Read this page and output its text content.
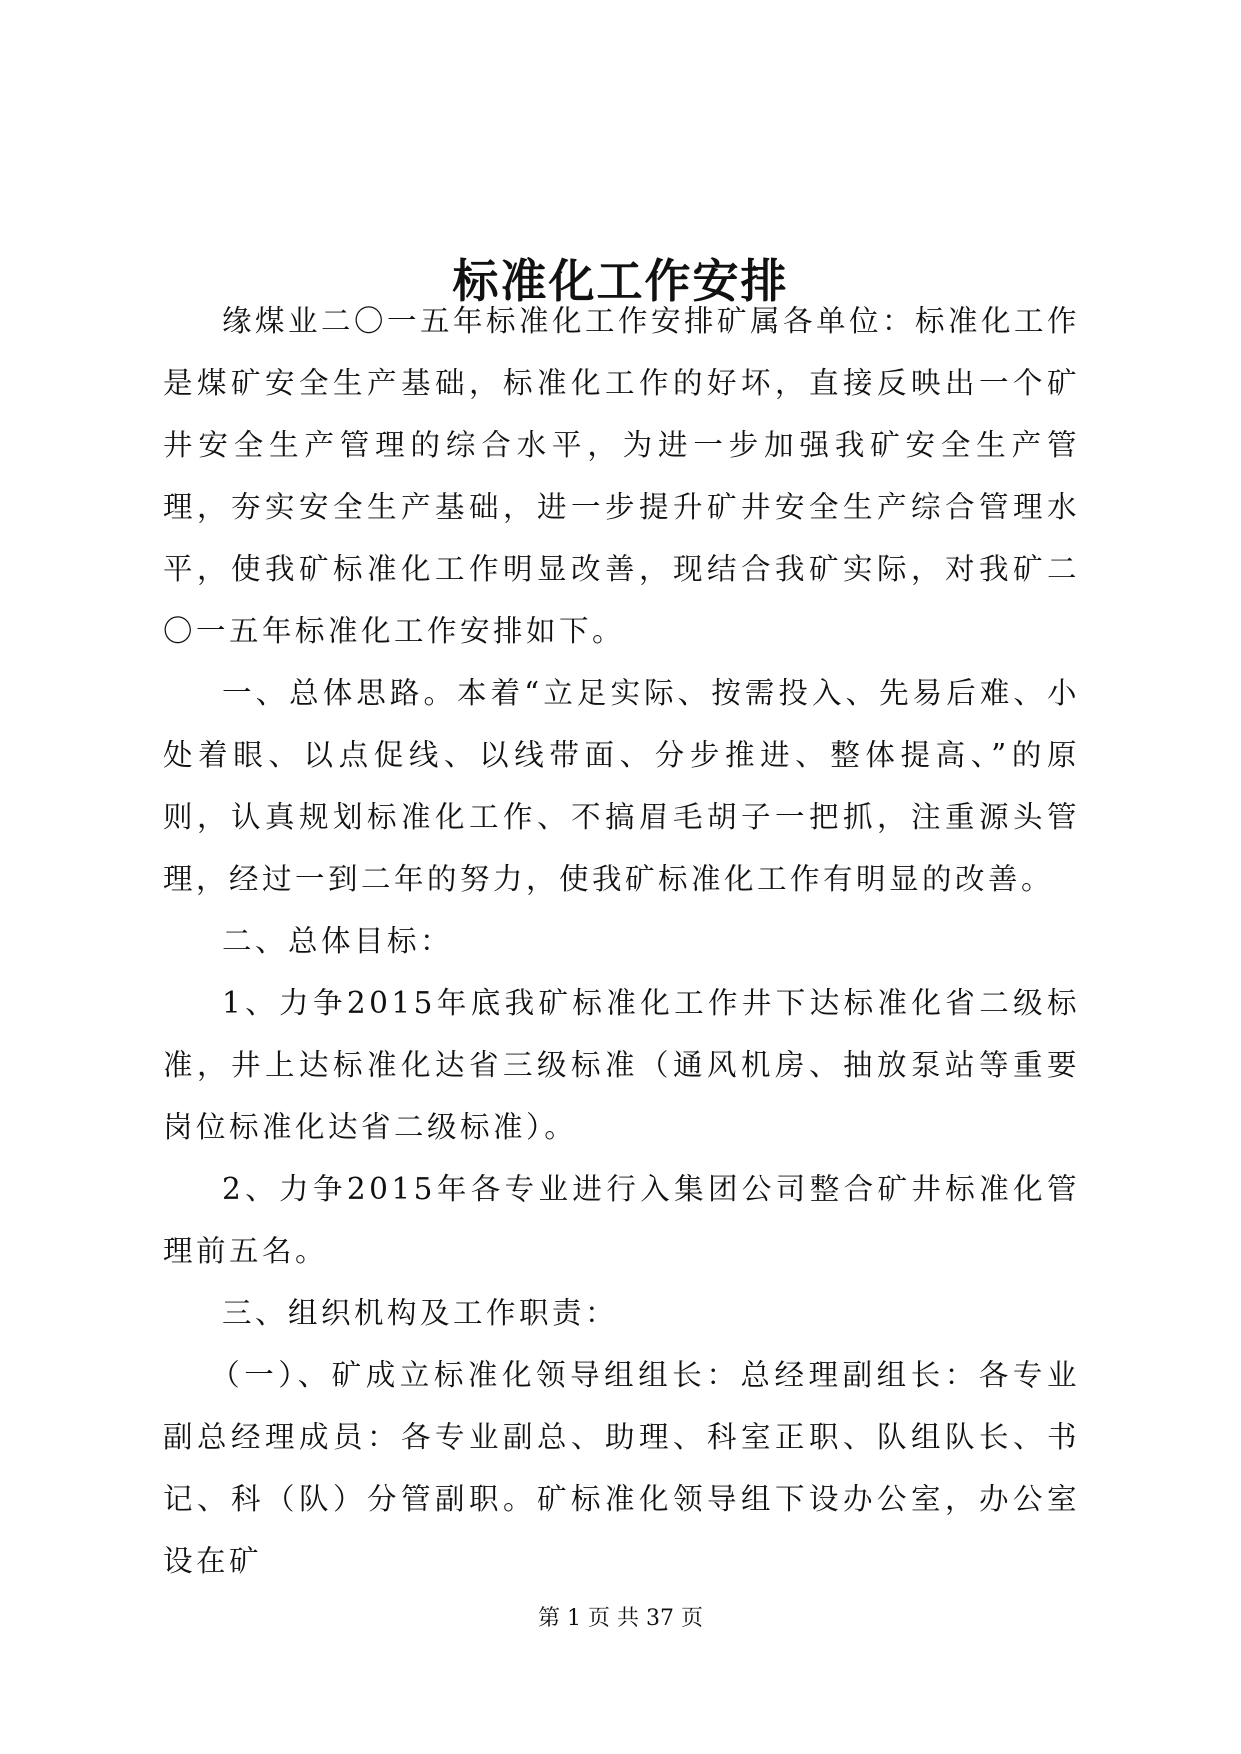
标准化工作安排

缘煤业二〇一五年标准化工作安排矿属各单位：标准化工作是煤矿安全生产基础，标准化工作的好坏，直接反映出一个矿井安全生产管理的综合水平，为进一步加强我矿安全生产管理，夯实安全生产基础，进一步提升矿井安全生产综合管理水平，使我矿标准化工作明显改善，现结合我矿实际，对我矿二〇一五年标准化工作安排如下。

一、总体思路。本着“立足实际、按需投入、先易后难、小处着眼、以点促线、以线带面、分步推进、整体提高、”的原则，认真规划标准化工作、不搞眉毛胡子一把抓，注重源头管理，经过一到二年的努力，使我矿标准化工作有明显的改善。

二、总体目标：

1、力争2015年底我矿标准化工作井下达标准化省二级标准，井上达标准化达省三级标准（通风机房、抽放泵站等重要岗位标准化达省二级标准）。

2、力争2015年各专业进行入集团公司整合矿井标准化管理前五名。

三、组织机构及工作职责：

（一）、矿成立标准化领导组组长：总经理副组长：各专业副总经理成员：各专业副总、助理、科室正职、队组队长、书记、科（队）分管副职。矿标准化领导组下设办公室，办公室设在矿

第 1 页 共 37 页
